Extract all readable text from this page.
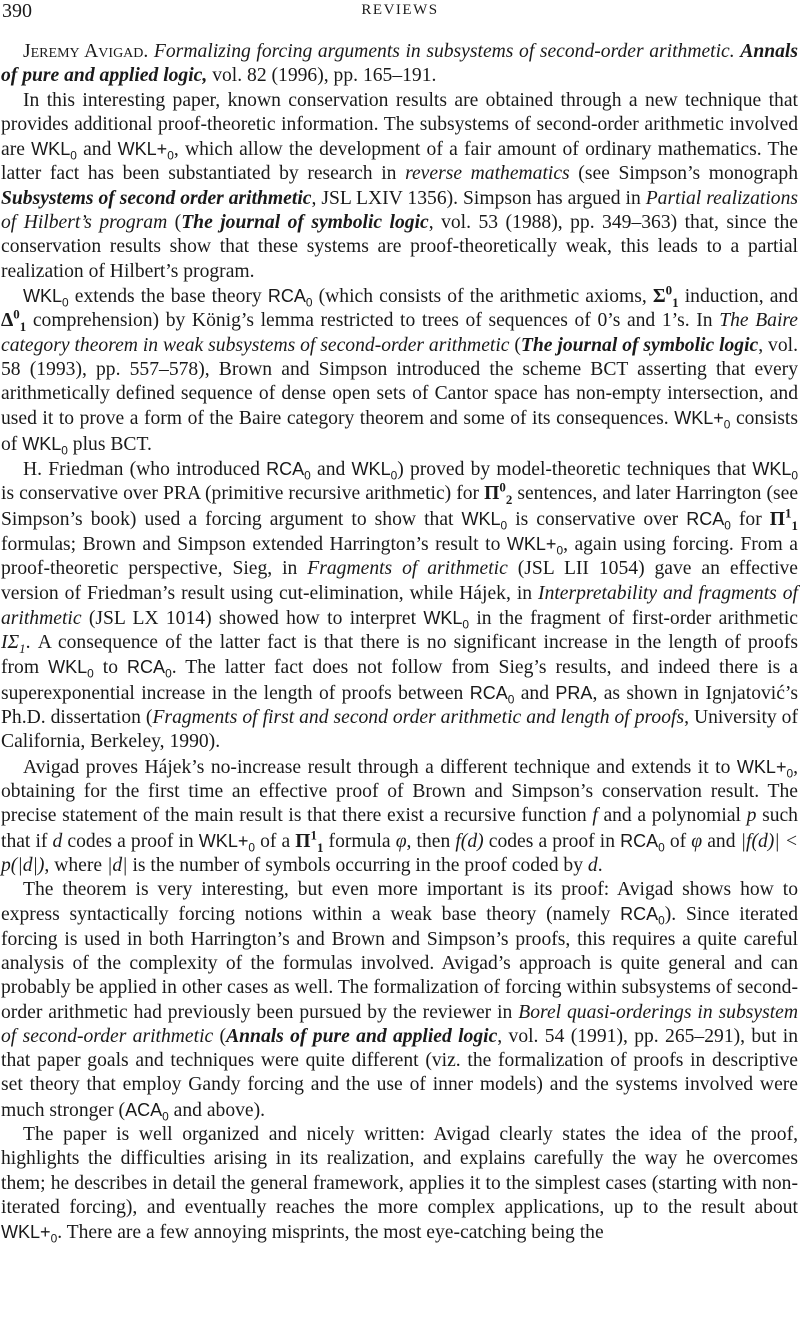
390	REVIEWS

Jeremy Avigad. Formalizing forcing arguments in subsystems of second-order arithmetic. Annals of pure and applied logic, vol. 82 (1996), pp. 165–191.

In this interesting paper, known conservation results are obtained through a new technique that provides additional proof-theoretic information. The subsystems of second-order arithmetic involved are $WKL_0$ and $WKL+_0$, which allow the development of a fair amount of ordinary mathematics. The latter fact has been substantiated by research in reverse mathematics (see Simpson’s monograph Subsystems of second order arithmetic, JSL LXIV 1356). Simpson has argued in Partial realizations of Hilbert’s program (The journal of symbolic logic, vol. 53 (1988), pp. 349–363) that, since the conservation results show that these systems are proof-theoretically weak, this leads to a partial realization of Hilbert’s program.

$WKL_0$ extends the base theory $RCA_0$ (which consists of the arithmetic axioms, $\Sigma^0_1$ induction, and $\Delta^0_1$ comprehension) by König’s lemma restricted to trees of sequences of 0’s and 1’s. In The Baire category theorem in weak subsystems of second-order arithmetic (The journal of symbolic logic, vol. 58 (1993), pp. 557–578), Brown and Simpson introduced the scheme BCT asserting that every arithmetically defined sequence of dense open sets of Cantor space has non-empty intersection, and used it to prove a form of the Baire category theorem and some of its consequences. $WKL+_0$ consists of $WKL_0$ plus BCT.

H. Friedman (who introduced $RCA_0$ and $WKL_0$) proved by model-theoretic techniques that $WKL_0$ is conservative over PRA (primitive recursive arithmetic) for $\Pi^0_2$ sentences, and later Harrington (see Simpson’s book) used a forcing argument to show that $WKL_0$ is conservative over $RCA_0$ for $\Pi^1_1$ formulas; Brown and Simpson extended Harrington’s result to $WKL+_0$, again using forcing. From a proof-theoretic perspective, Sieg, in Fragments of arithmetic (JSL LII 1054) gave an effective version of Friedman’s result using cut-elimination, while Hájek, in Interpretability and fragments of arithmetic (JSL LX 1014) showed how to interpret $WKL_0$ in the fragment of first-order arithmetic $I\Sigma_1$. A consequence of the latter fact is that there is no significant increase in the length of proofs from $WKL_0$ to $RCA_0$. The latter fact does not follow from Sieg’s results, and indeed there is a superexponential increase in the length of proofs between $RCA_0$ and PRA, as shown in Ignjatović’s Ph.D. dissertation (Fragments of first and second order arithmetic and length of proofs, University of California, Berkeley, 1990).

Avigad proves Hájek’s no-increase result through a different technique and extends it to $WKL+_0$, obtaining for the first time an effective proof of Brown and Simpson’s conservation result. The precise statement of the main result is that there exist a recursive function f and a polynomial p such that if d codes a proof in $WKL+_0$ of a $\Pi^1_1$ formula φ, then f(d) codes a proof in $RCA_0$ of φ and |f(d)| < p(|d|), where |d| is the number of symbols occurring in the proof coded by d.

The theorem is very interesting, but even more important is its proof: Avigad shows how to express syntactically forcing notions within a weak base theory (namely $RCA_0$). Since iterated forcing is used in both Harrington’s and Brown and Simpson’s proofs, this requires a quite careful analysis of the complexity of the formulas involved. Avigad’s approach is quite general and can probably be applied in other cases as well. The formalization of forcing within subsystems of second-order arithmetic had previously been pursued by the reviewer in Borel quasi-orderings in subsystem of second-order arithmetic (Annals of pure and applied logic, vol. 54 (1991), pp. 265–291), but in that paper goals and techniques were quite different (viz. the formalization of proofs in descriptive set theory that employ Gandy forcing and the use of inner models) and the systems involved were much stronger ($ACA_0$ and above).

The paper is well organized and nicely written: Avigad clearly states the idea of the proof, highlights the difficulties arising in its realization, and explains carefully the way he overcomes them; he describes in detail the general framework, applies it to the simplest cases (starting with non-iterated forcing), and eventually reaches the more complex applications, up to the result about $WKL+_0$. There are a few annoying misprints, the most eye-catching being the
